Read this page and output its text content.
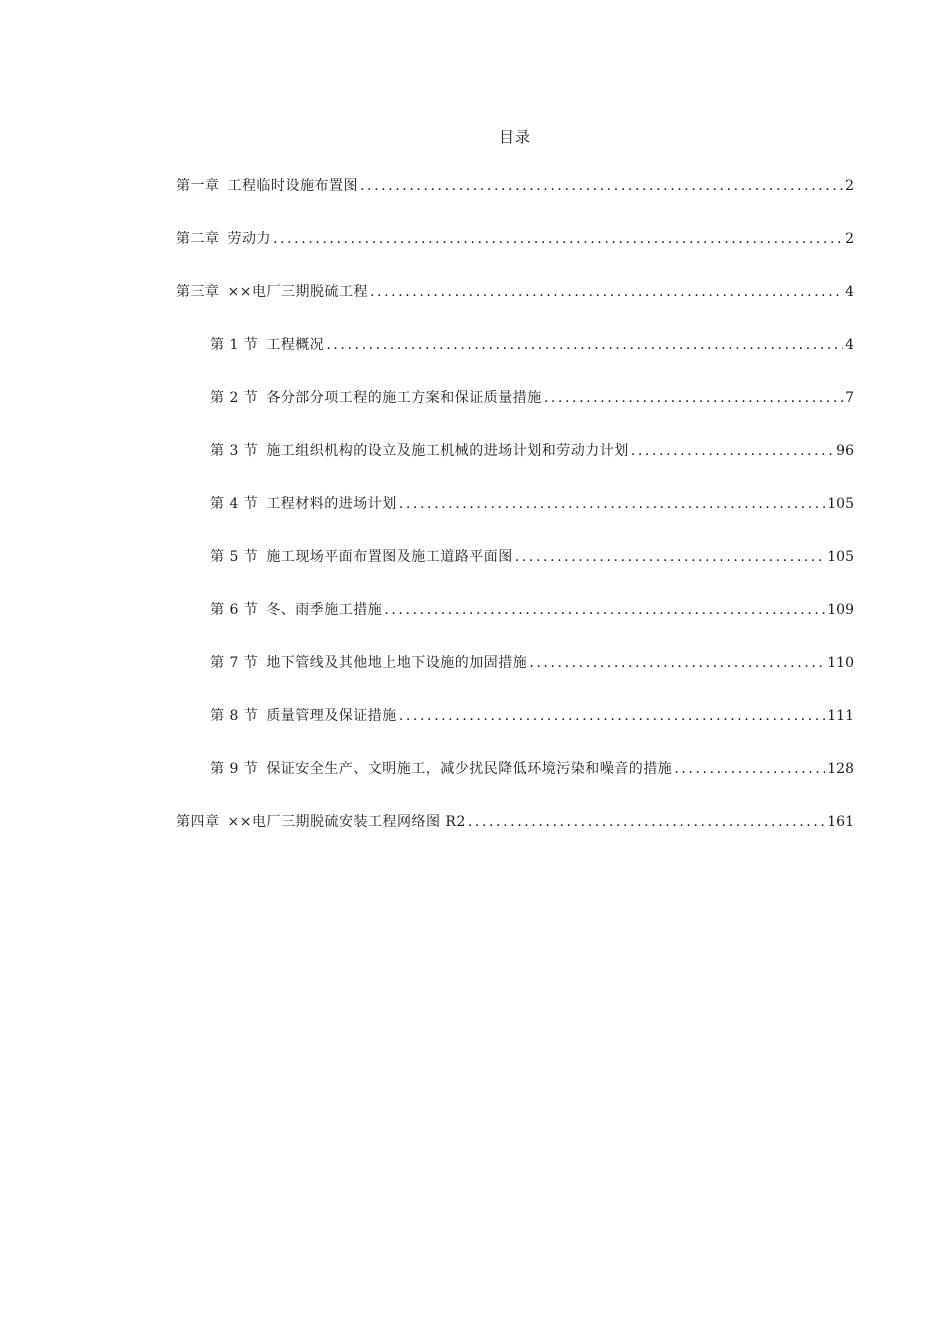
目录
第一章 工程临时设施布置图 .....	2
第二章 劳动力 .....	2
第三章 ××电厂三期脱硫工程 .....	4
第 1 节 工程概况 .....	4
第 2 节 各分部分项工程的施工方案和保证质量措施 .....	7
第 3 节 施工组织机构的设立及施工机械的进场计划和劳动力计划 .....	96
第 4 节 工程材料的进场计划 .....	105
第 5 节 施工现场平面布置图及施工道路平面图 .....	105
第 6 节 冬、雨季施工措施 .....	109
第 7 节 地下管线及其他地上地下设施的加固措施 .....	110
第 8 节 质量管理及保证措施 .....	111
第 9 节 保证安全生产、文明施工，减少扰民降低环境污染和噪音的措施 .....	128
第四章 ××电厂三期脱硫安装工程网络图 R2 .....	161
